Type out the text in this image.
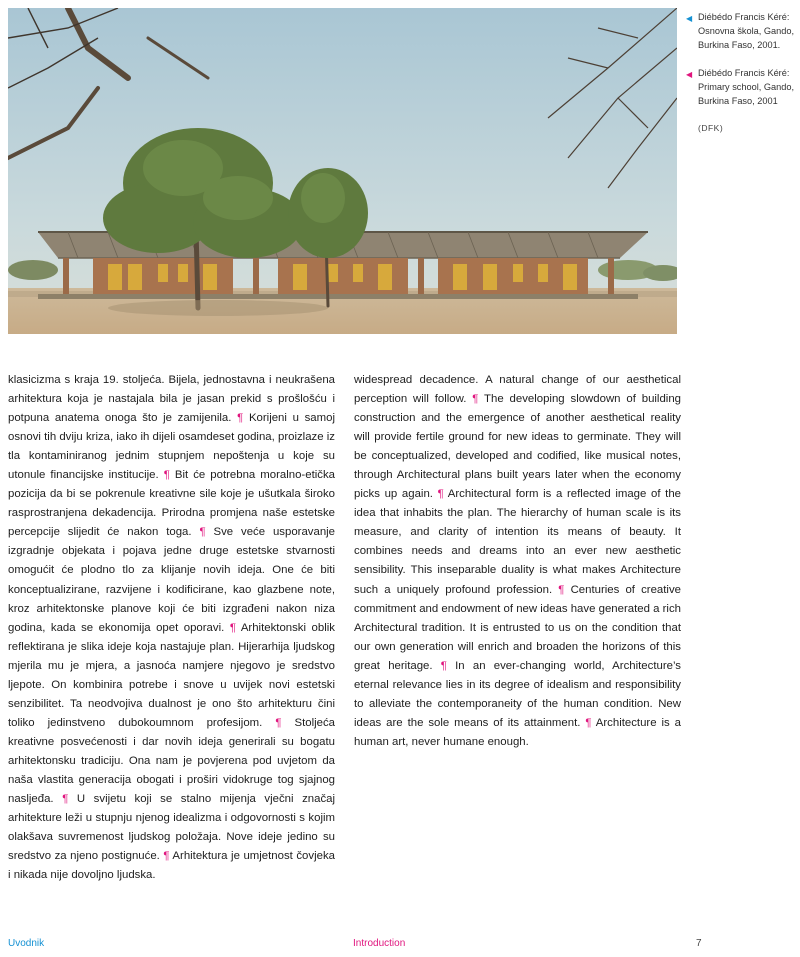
◀ Diébédo Francis Kéré:
Osnovna škola, Gando,
Burkina Faso, 2001.
◀ Diébédo Francis Kéré:
Primary school, Gando,
Burkina Faso, 2001
(DFK)
klasicizma s kraja 19. stoljeća. Bijela, jednostavna i neukrašena arhitektura koja je nastajala bila je jasan prekid s prošlošću i potpuna anatema onoga što je zamijenila. ¶ Korijeni u samoj osnovi tih dviju kriza, iako ih dijeli osamdeset godina, proizlaze iz tla kontaminiranog jednim stupnjem nepoštenja u koje su utonule financijske institucije. ¶ Bit će potrebna moralno-etička pozicija da bi se pokrenule kreativne sile koje je ušutkala široko rasprostranjena dekadencija. Prirodna promjena naše estetske percepcije slijedit će nakon toga. ¶ Sve veće usporavanje izgradnje objekata i pojava jedne druge estetske stvarnosti omogućit će plodno tlo za klijanje novih ideja. One će biti konceptualizirane, razvijene i kodificirane, kao glazbene note, kroz arhitektonske planove koji će biti izgrađeni nakon niza godina, kada se ekonomija opet oporavi. ¶ Arhitektonski oblik reflektirana je slika ideje koja nastajuje plan. Hijerarhija ljudskog mjerila mu je mjera, a jasnoća namjere njegovo je sredstvo ljepote. On kombinira potrebe i snove u uvijek novi estetski senzibilitet. Ta neodvojiva dualnost je ono što arhitekturu čini toliko jedinstveno dubokoumnom profesijom. ¶ Stoljeća kreativne posvećenosti i dar novih ideja generirali su bogatu arhitektonsku tradiciju. Ona nam je povjerena pod uvjetom da naša vlastita generacija obogati i proširi vidokruge tog sjajnog naslјeđa. ¶ U svijetu koji se stalno mijenja vječni značaj arhitekture leži u stupnju njenog idealizma i odgovornosti s kojim olakšava suvremenost ljudskog položaja. Nove ideje jedino su sredstvo za njeno postignuće. ¶ Arhitektura je umjetnost čovjeka i nikada nije dovoljno ljudska.
widespread decadence. A natural change of our aesthetical perception will follow. ¶ The developing slowdown of building construction and the emergence of another aesthetical reality will provide fertile ground for new ideas to germinate. They will be conceptualized, developed and codified, like musical notes, through Architectural plans built years later when the economy picks up again. ¶ Architectural form is a reflected image of the idea that inhabits the plan. The hierarchy of human scale is its measure, and clarity of intention its means of beauty. It combines needs and dreams into an ever new aesthetic sensibility. This inseparable duality is what makes Architecture such a uniquely profound profession. ¶ Centuries of creative commitment and endowment of new ideas have generated a rich Architectural tradition. It is entrusted to us on the condition that our own generation will enrich and broaden the horizons of this great heritage. ¶ In an ever-changing world, Architecture’s eternal relevance lies in its degree of idealism and responsibility to alleviate the contemporaneity of the human condition. New ideas are the sole means of its attainment. ¶ Architecture is a human art, never humane enough.
Uvodnik	Introduction	7
